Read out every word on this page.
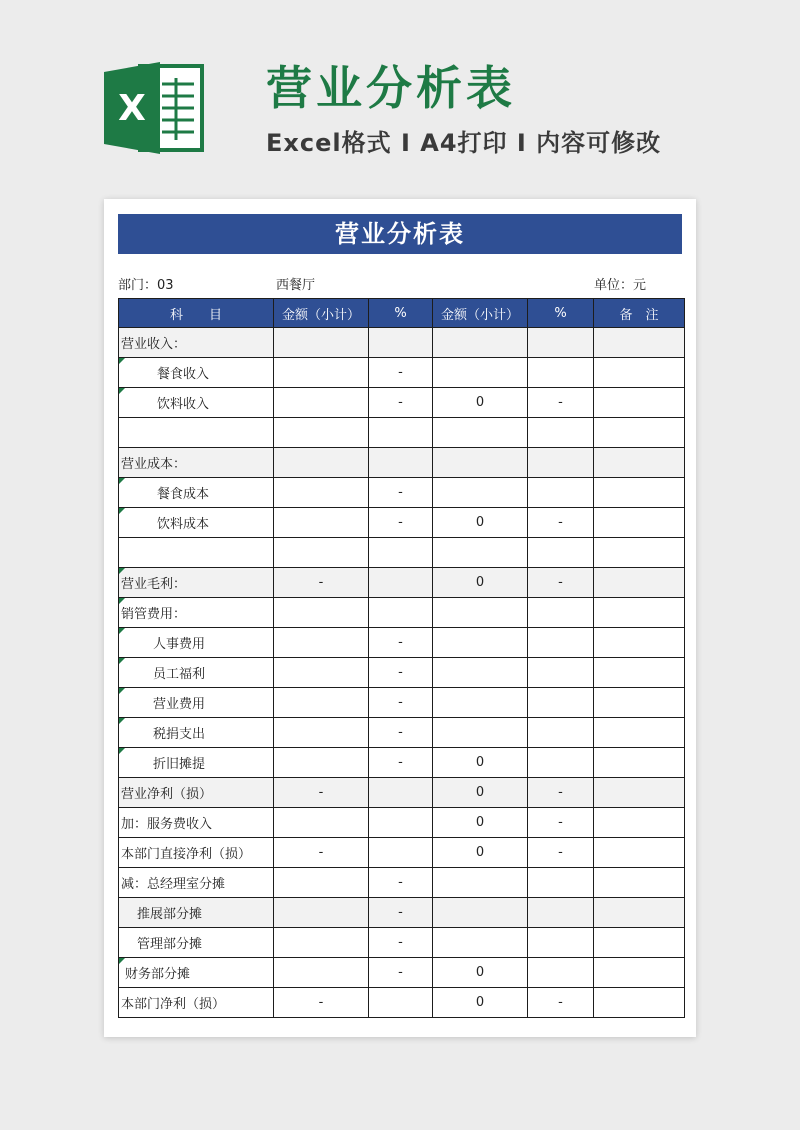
X	营业分析表
Excel格式 I A4打印 I 内容可修改
营业分析表
部门：03	西餐厅	单位：元
科　　目	金额（小计）	%	金额（小计）	%	备　注
营业收入：					

餐食收入		-			

饮料收入		-	0	-	

营业成本：					

餐食成本		-			

饮料成本		-	0	-	

营业毛利：	-		0	-	

销管费用：					

人事费用		-			

员工福利		-			

营业费用		-			

税捐支出		-			

折旧摊提		-	0		
营业净利（损）	-		0	-	
加：服务费收入			0	-	
本部门直接净利（损）	-		0	-	
减：总经理室分摊		-			
推展部分摊		-			
管理部分摊		-			

财务部分摊		-	0		
本部门净利（损）	-		0	-	
